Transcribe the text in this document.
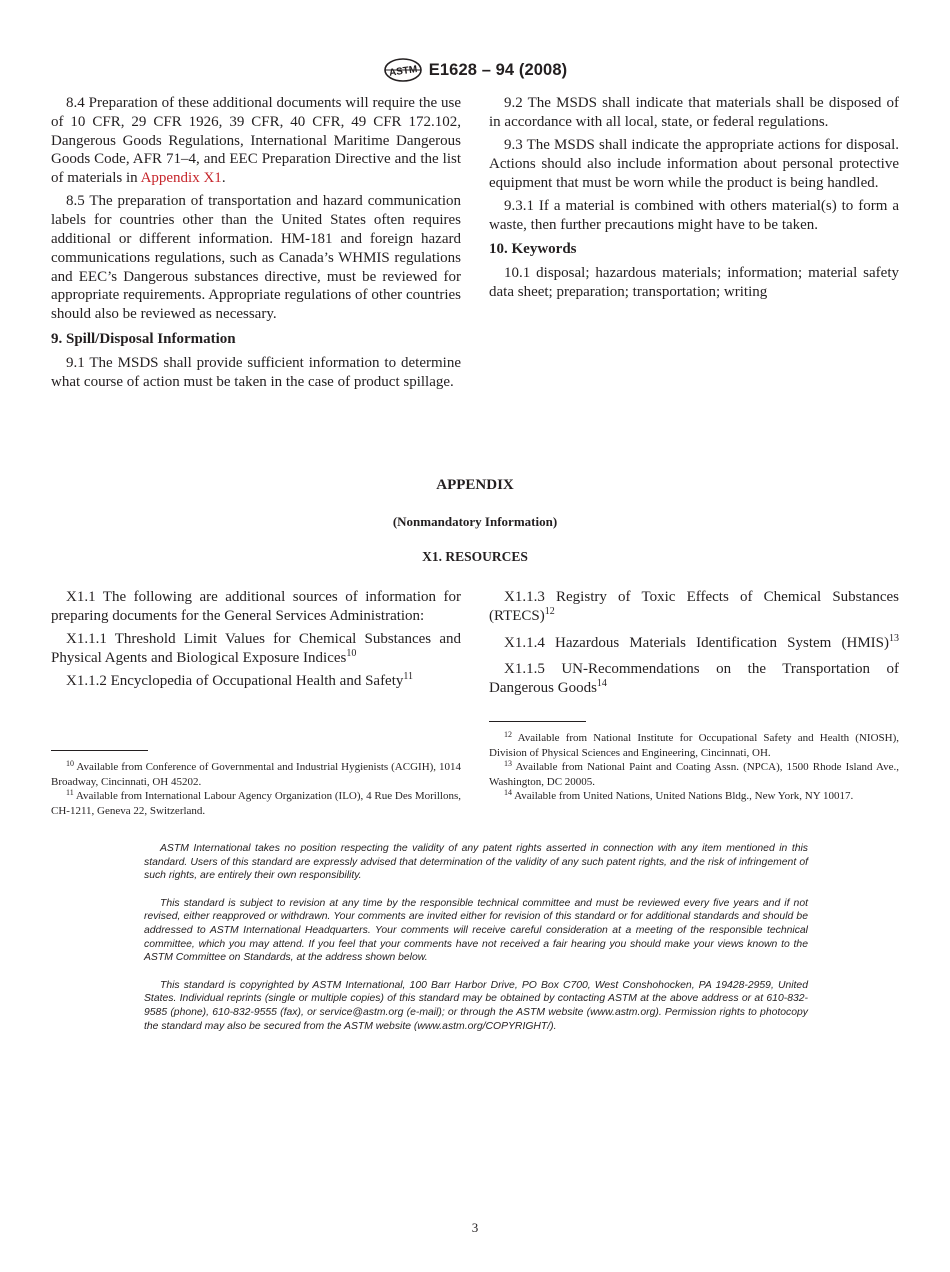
ASTM E1628 – 94 (2008)

8.4 Preparation of these additional documents will require the use of 10 CFR, 29 CFR 1926, 39 CFR, 40 CFR, 49 CFR 172.102, Dangerous Goods Regulations, International Maritime Dangerous Goods Code, AFR 71–4, and EEC Preparation Directive and the list of materials in Appendix X1.

8.5 The preparation of transportation and hazard communication labels for countries other than the United States often requires additional or different information. HM-181 and foreign hazard communications regulations, such as Canada’s WHMIS regulations and EEC’s Dangerous substances directive, must be reviewed for appropriate requirements. Appropriate regulations of other countries should also be reviewed as necessary.

9. Spill/Disposal Information

9.1 The MSDS shall provide sufficient information to determine what course of action must be taken in the case of product spillage.

9.2 The MSDS shall indicate that materials shall be disposed of in accordance with all local, state, or federal regulations.

9.3 The MSDS shall indicate the appropriate actions for disposal. Actions should also include information about personal protective equipment that must be worn while the product is being handled.

9.3.1 If a material is combined with others material(s) to form a waste, then further precautions might have to be taken.

10. Keywords

10.1 disposal; hazardous materials; information; material safety data sheet; preparation; transportation; writing

APPENDIX
(Nonmandatory Information)
X1. RESOURCES

X1.1 The following are additional sources of information for preparing documents for the General Services Administration:

X1.1.1 Threshold Limit Values for Chemical Substances and Physical Agents and Biological Exposure Indices$^{10}$

X1.1.2 Encyclopedia of Occupational Health and Safety$^{11}$

X1.1.3 Registry of Toxic Effects of Chemical Substances (RTECS)$^{12}$

X1.1.4 Hazardous Materials Identification System (HMIS)$^{13}$

X1.1.5 UN-Recommendations on the Transportation of Dangerous Goods$^{14}$

$^{10}$ Available from Conference of Governmental and Industrial Hygienists (ACGIH), 1014 Broadway, Cincinnati, OH 45202.

$^{11}$ Available from International Labour Agency Organization (ILO), 4 Rue Des Morillons, CH-1211, Geneva 22, Switzerland.

$^{12}$ Available from National Institute for Occupational Safety and Health (NIOSH), Division of Physical Sciences and Engineering, Cincinnati, OH.

$^{13}$ Available from National Paint and Coating Assn. (NPCA), 1500 Rhode Island Ave., Washington, DC 20005.

$^{14}$ Available from United Nations, United Nations Bldg., New York, NY 10017.

ASTM International takes no position respecting the validity of any patent rights asserted in connection with any item mentioned in this standard. Users of this standard are expressly advised that determination of the validity of any such patent rights, and the risk of infringement of such rights, are entirely their own responsibility.

This standard is subject to revision at any time by the responsible technical committee and must be reviewed every five years and if not revised, either reapproved or withdrawn. Your comments are invited either for revision of this standard or for additional standards and should be addressed to ASTM International Headquarters. Your comments will receive careful consideration at a meeting of the responsible technical committee, which you may attend. If you feel that your comments have not received a fair hearing you should make your views known to the ASTM Committee on Standards, at the address shown below.

This standard is copyrighted by ASTM International, 100 Barr Harbor Drive, PO Box C700, West Conshohocken, PA 19428-2959, United States. Individual reprints (single or multiple copies) of this standard may be obtained by contacting ASTM at the above address or at 610-832-9585 (phone), 610-832-9555 (fax), or service@astm.org (e-mail); or through the ASTM website (www.astm.org). Permission rights to photocopy the standard may also be secured from the ASTM website (www.astm.org/COPYRIGHT/).

3
